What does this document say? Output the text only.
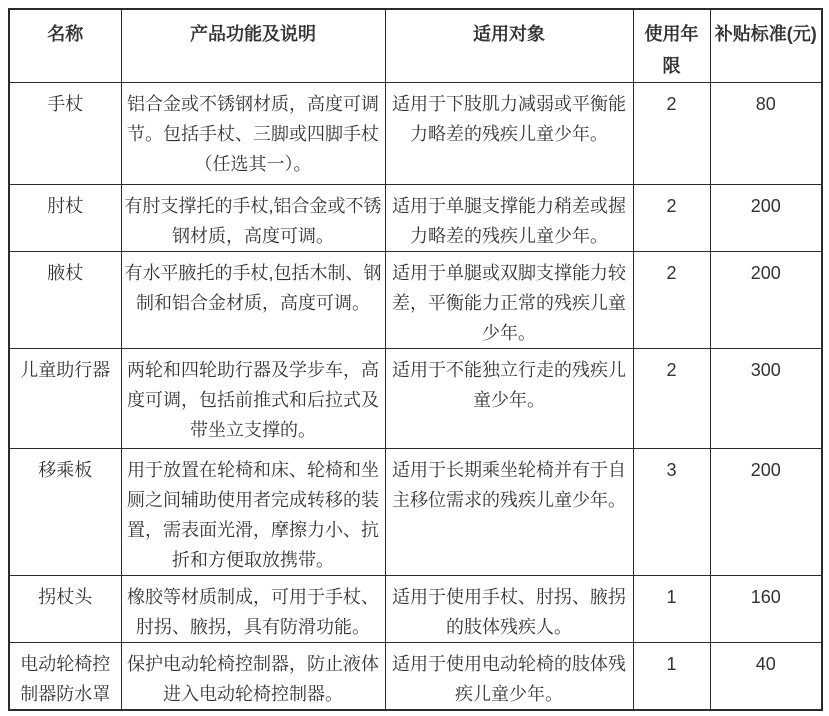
名称	产品功能及说明	适用对象	使用年限	补贴标准(元)
手杖	铝合金或不锈钢材质，高度可调节。包括手杖、三脚或四脚手杖（任选其一）。	适用于下肢肌力减弱或平衡能力略差的残疾儿童少年。	2	80
肘杖	有肘支撑托的手杖,铝合金或不锈钢材质，高度可调。	适用于单腿支撑能力稍差或握力略差的残疾儿童少年。	2	200
腋杖	有水平腋托的手杖,包括木制、钢制和铝合金材质，高度可调。	适用于单腿或双脚支撑能力较差，平衡能力正常的残疾儿童少年。	2	200
儿童助行器	两轮和四轮助行器及学步车，高度可调，包括前推式和后拉式及带坐立支撑的。	适用于不能独立行走的残疾儿童少年。	2	300
移乘板	用于放置在轮椅和床、轮椅和坐厕之间辅助使用者完成转移的装置，需表面光滑，摩擦力小、抗折和方便取放携带。	适用于长期乘坐轮椅并有于自主移位需求的残疾儿童少年。	3	200
拐杖头	橡胶等材质制成，可用于手杖、肘拐、腋拐，具有防滑功能。	适用于使用手杖、肘拐、腋拐的肢体残疾人。	1	160
电动轮椅控制器防水罩	保护电动轮椅控制器，防止液体进入电动轮椅控制器。	适用于使用电动轮椅的肢体残疾儿童少年。	1	40
